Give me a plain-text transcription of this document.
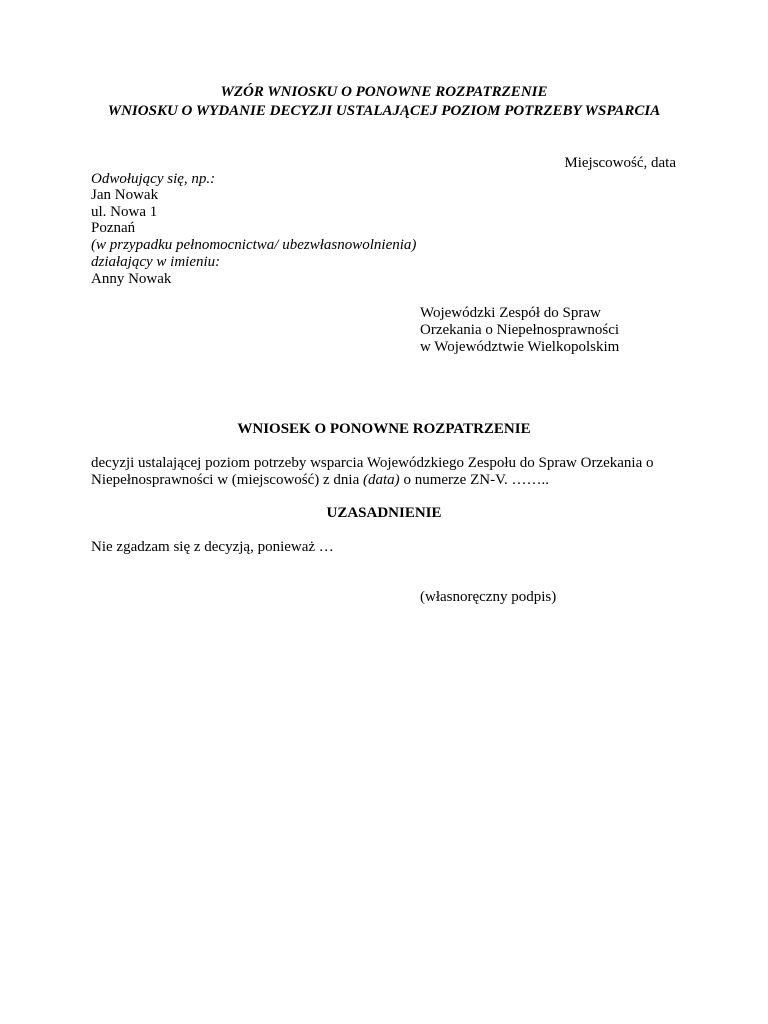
WZÓR WNIOSKU O PONOWNE ROZPATRZENIE
WNIOSKU O WYDANIE DECYZJI USTALAJĄCEJ POZIOM POTRZEBY WSPARCIA
Miejscowość, data
Odwołujący się, np.:
Jan Nowak
ul. Nowa 1
Poznań
(w przypadku pełnomocnictwa/ ubezwłasnowolnienia)
działający w imieniu:
Anny Nowak
Wojewódzki Zespół do Spraw
Orzekania o Niepełnosprawności
w Województwie Wielkopolskim
WNIOSEK O PONOWNE ROZPATRZENIE
decyzji ustalającej poziom potrzeby wsparcia Wojewódzkiego Zespołu do Spraw Orzekania o
Niepełnosprawności w (miejscowość) z dnia (data) o numerze ZN-V. ……..
UZASADNIENIE
Nie zgadzam się z decyzją, ponieważ …
(własnoręczny podpis)
